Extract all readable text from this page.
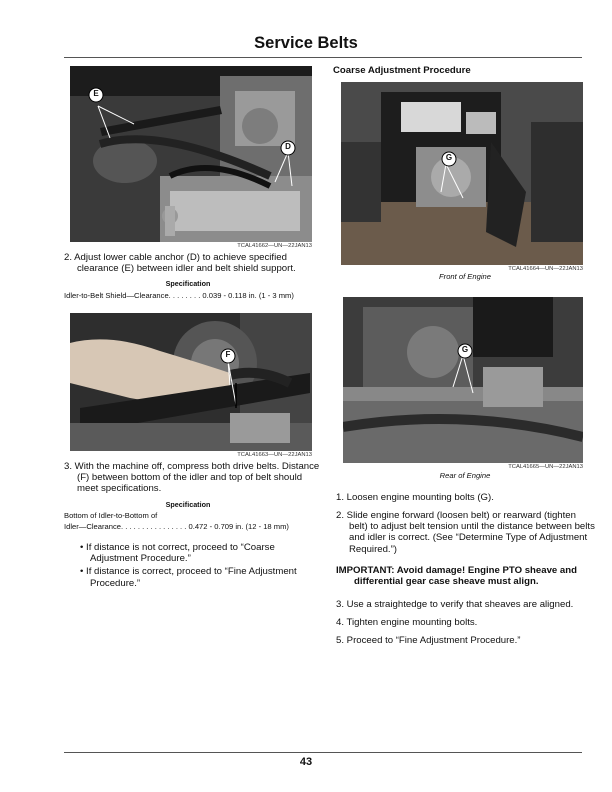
Service Belts
E
D
TCAL41662—UN—22JAN13
2. Adjust lower cable anchor (D) to achieve specified clearance (E) between idler and belt shield support.
Specification
Idler-to-Belt Shield—Clearance. . . . . . . . 0.039 - 0.118 in. (1 - 3 mm)
F
TCAL41663—UN—22JAN13
3. With the machine off, compress both drive belts. Distance (F) between bottom of the idler and top of belt should meet specifications.
Specification
Bottom of Idler-to-Bottom of
Idler—Clearance. . . . . . . . . . . . . . . . 0.472 - 0.709 in. (12 - 18 mm)
• If distance is not correct, proceed to “Coarse Adjustment Procedure.”
• If distance is correct, proceed to “Fine Adjustment Procedure.”
Coarse Adjustment Procedure
G
TCAL41664—UN—22JAN13
Front of Engine
G
TCAL41665—UN—22JAN13
Rear of Engine
1. Loosen engine mounting bolts (G).
2. Slide engine forward (loosen belt) or rearward (tighten belt) to adjust belt tension until the distance between belts and idler is correct. (See “Determine Type of Adjustment Required.”)
IMPORTANT: Avoid damage! Engine PTO sheave and differential gear case sheave must align.
3. Use a straightedge to verify that sheaves are aligned.
4. Tighten engine mounting bolts.
5. Proceed to “Fine Adjustment Procedure.”
43
